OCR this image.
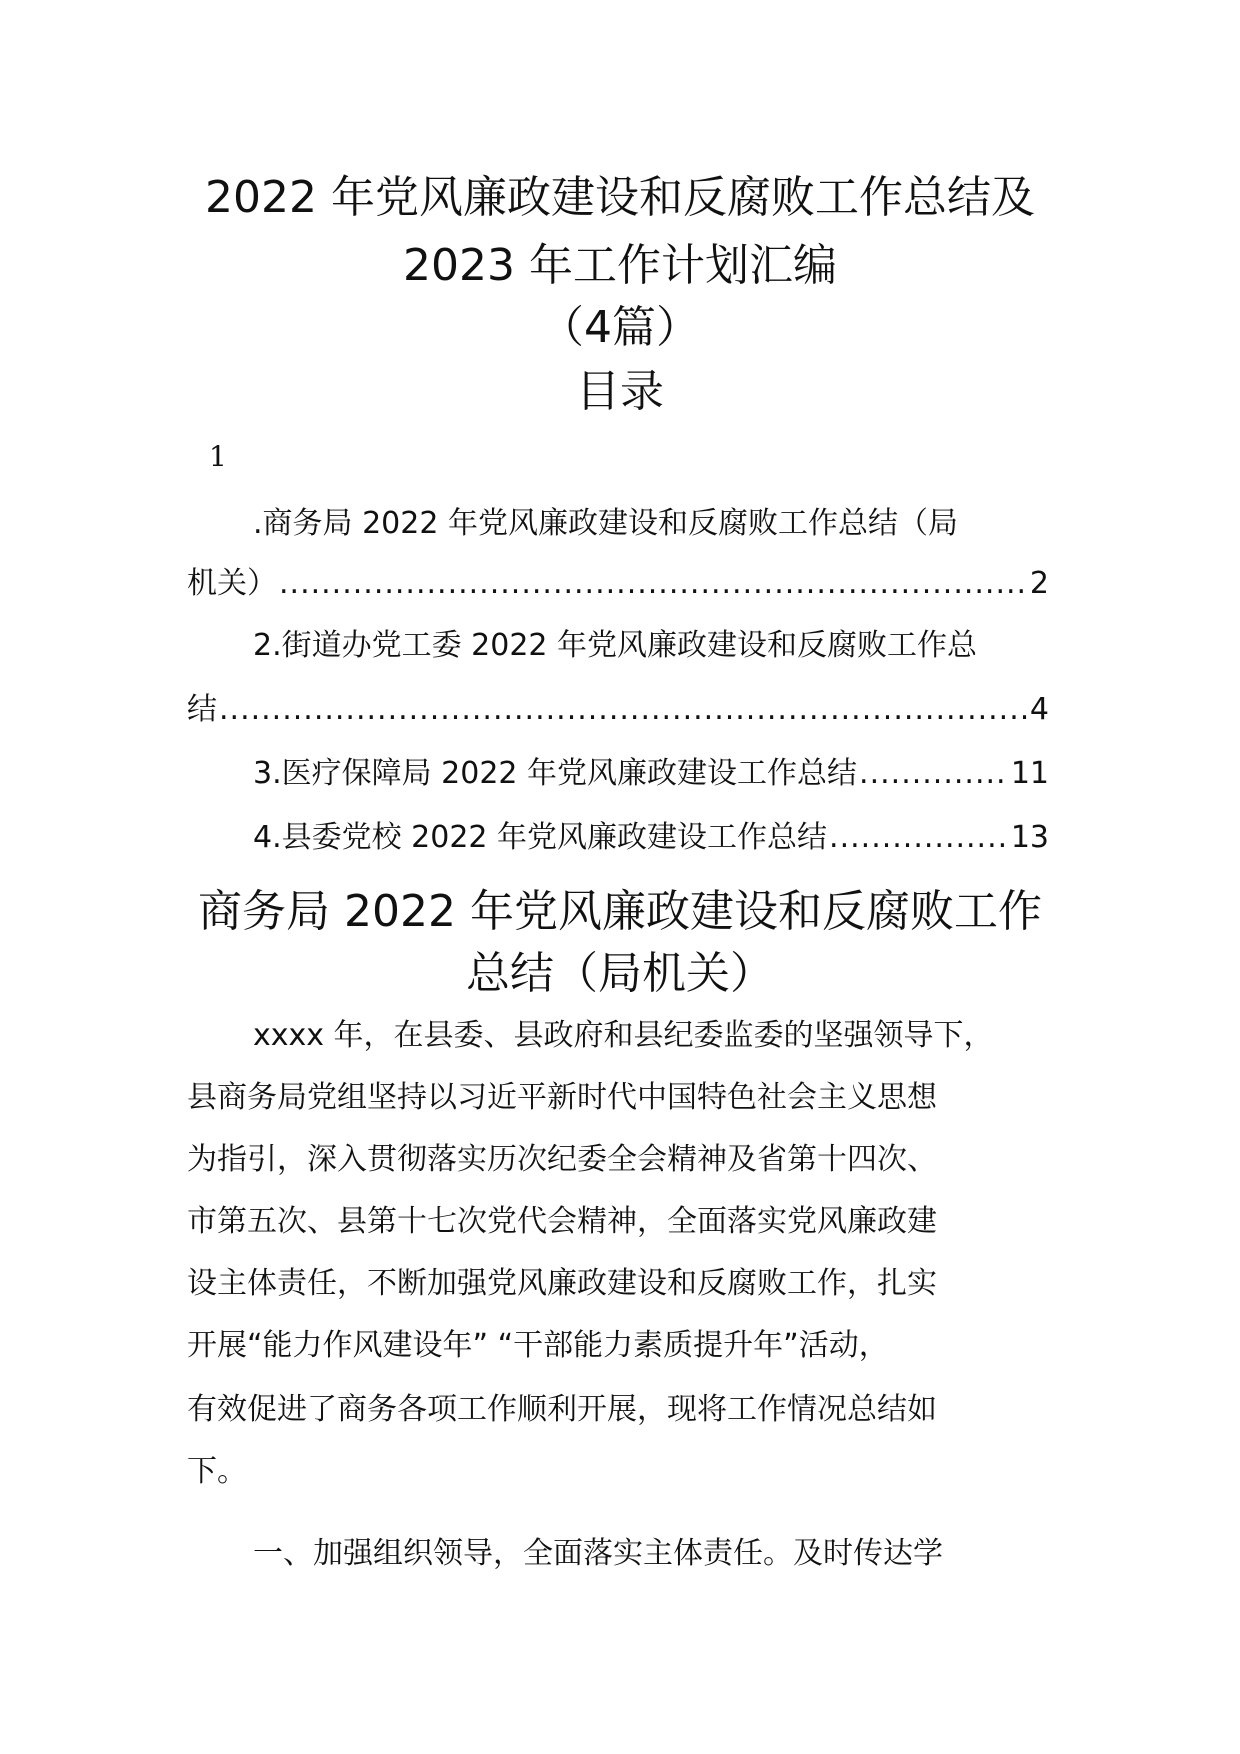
2022 年党风廉政建设和反腐败工作总结及
2023 年工作计划汇编
（4篇）
目录
1
.商务局 2022 年党风廉政建设和反腐败工作总结（局
机关） .....	2
2.街道办党工委 2022 年党风廉政建设和反腐败工作总
结 .....	4
3.医疗保障局 2022 年党风廉政建设工作总结 .....	11
4.县委党校 2022 年党风廉政建设工作总结 .....	13
商务局 2022 年党风廉政建设和反腐败工作
总结（局机关）
xxxx 年，在县委、县政府和县纪委监委的坚强领导下，
县商务局党组坚持以习近平新时代中国特色社会主义思想
为指引，深入贯彻落实历次纪委全会精神及省第十四次、
市第五次、县第十七次党代会精神，全面落实党风廉政建
设主体责任，不断加强党风廉政建设和反腐败工作，扎实
开展“能力作风建设年” “干部能力素质提升年”活动，
有效促进了商务各项工作顺利开展，现将工作情况总结如
下。
一、加强组织领导，全面落实主体责任。及时传达学
